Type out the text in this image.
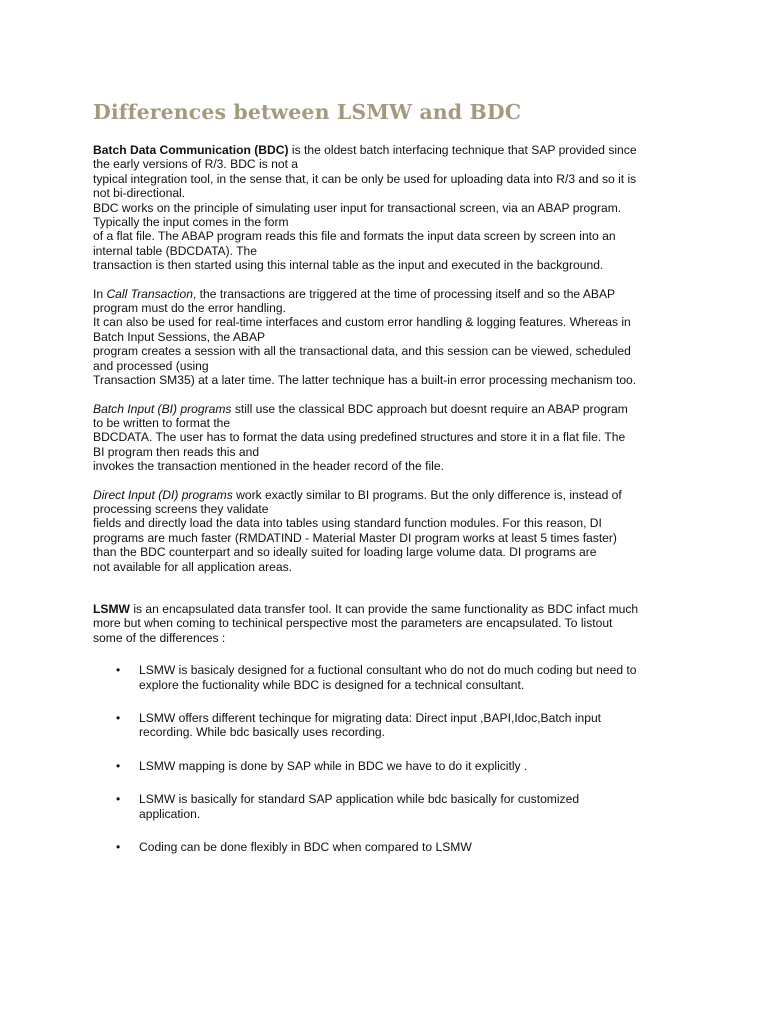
Differences between LSMW and BDC

Batch Data Communication (BDC) is the oldest batch interfacing technique that SAP provided since
the early versions of R/3. BDC is not a
typical integration tool, in the sense that, it can be only be used for uploading data into R/3 and so it is
not bi-directional.
BDC works on the principle of simulating user input for transactional screen, via an ABAP program.
Typically the input comes in the form
of a flat file. The ABAP program reads this file and formats the input data screen by screen into an
internal table (BDCDATA). The
transaction is then started using this internal table as the input and executed in the background.

In Call Transaction, the transactions are triggered at the time of processing itself and so the ABAP
program must do the error handling.
It can also be used for real-time interfaces and custom error handling & logging features. Whereas in
Batch Input Sessions, the ABAP
program creates a session with all the transactional data, and this session can be viewed, scheduled
and processed (using
Transaction SM35) at a later time. The latter technique has a built-in error processing mechanism too.

Batch Input (BI) programs still use the classical BDC approach but doesnt require an ABAP program
to be written to format the
BDCDATA. The user has to format the data using predefined structures and store it in a flat file. The
BI program then reads this and
invokes the transaction mentioned in the header record of the file.

Direct Input (DI) programs work exactly similar to BI programs. But the only difference is, instead of
processing screens they validate
fields and directly load the data into tables using standard function modules. For this reason, DI
programs are much faster (RMDATIND - Material Master DI program works at least 5 times faster)
than the BDC counterpart and so ideally suited for loading large volume data. DI programs are
not available for all application areas.

LSMW is an encapsulated data transfer tool. It can provide the same functionality as BDC infact much
more but when coming to techinical perspective most the parameters are encapsulated. To listout
some of the differences :

• LSMW is basicaly designed for a fuctional consultant who do not do much coding but need to
explore the fuctionality while BDC is designed for a technical consultant.
• LSMW offers different techinque for migrating data: Direct input ,BAPI,Idoc,Batch input
recording. While bdc basically uses recording.
• LSMW mapping is done by SAP while in BDC we have to do it explicitly .
• LSMW is basically for standard SAP application while bdc basically for customized
application.
• Coding can be done flexibly in BDC when compared to LSMW
